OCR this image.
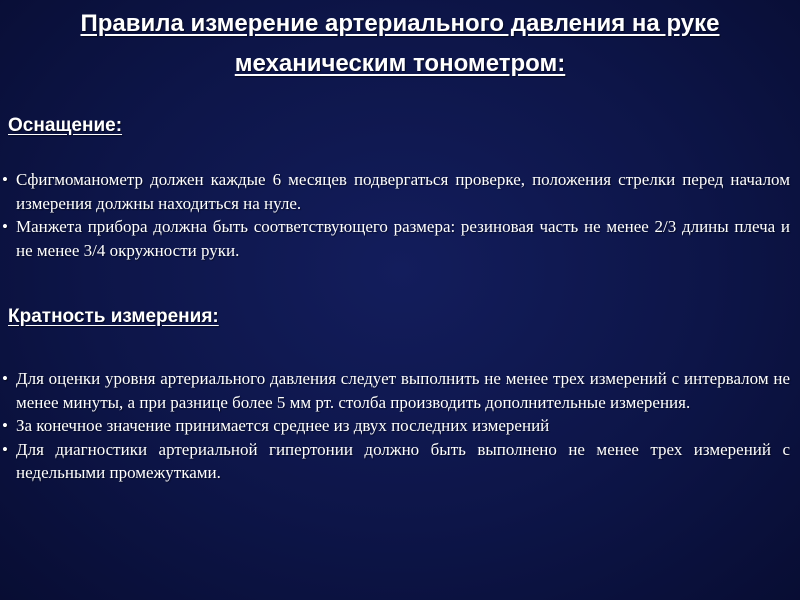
Правила измерение артериального давления на руке механическим тонометром:
Оснащение:
• Сфигмоманометр должен каждые 6 месяцев подвергаться проверке, положения стрелки перед началом измерения должны находиться на нуле.
• Манжета прибора должна быть соответствующего размера: резиновая часть не менее 2/3 длины плеча и не менее 3/4 окружности руки.
Кратность измерения:
• Для оценки уровня артериального давления следует выполнить не менее трех измерений с интервалом не менее минуты, а при разнице более 5 мм рт. столба производить дополнительные измерения.
• За конечное значение принимается среднее из двух последних измерений
• Для диагностики артериальной гипертонии должно быть выполнено не менее трех измерений с недельными промежутками.
